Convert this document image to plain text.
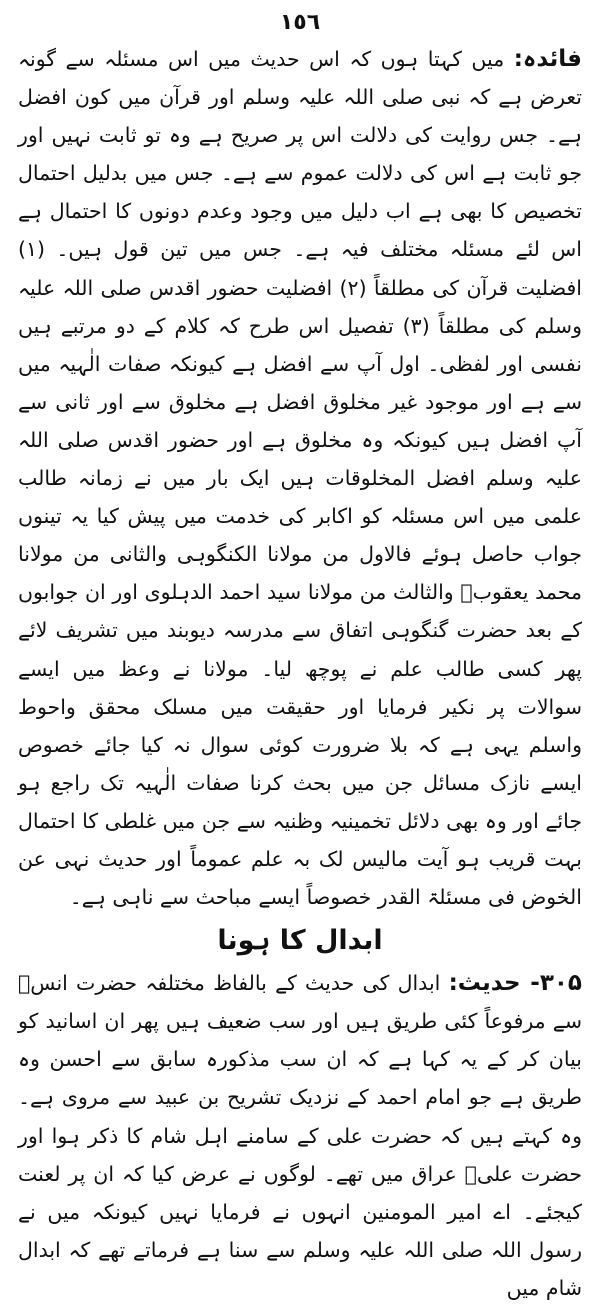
١٥٦

فائدہ: میں کہتا ہوں کہ اس حدیث میں اس مسئلہ سے گونہ تعرض ہے کہ نبی صلی اللہ علیہ وسلم اور قرآن میں کون افضل ہے۔ جس روایت کی دلالت اس پر صریح ہے وہ تو ثابت نہیں اور جو ثابت ہے اس کی دلالت عموم سے ہے۔ جس میں بدلیل احتمال تخصیص کا بھی ہے اب دلیل میں وجود وعدم دونوں کا احتمال ہے اس لئے مسئلہ مختلف فیہ ہے۔ جس میں تین قول ہیں۔ (۱) افضلیت قرآن کی مطلقاً (۲) افضلیت حضور اقدس صلی اللہ علیہ وسلم کی مطلقاً (۳) تفصیل اس طرح کہ کلام کے دو مرتبے ہیں نفسی اور لفظی۔ اول آپ سے افضل ہے کیونکہ صفات الٰہیہ میں سے ہے اور موجود غیر مخلوق افضل ہے مخلوق سے اور ثانی سے آپ افضل ہیں کیونکہ وہ مخلوق ہے اور حضور اقدس صلی اللہ علیہ وسلم افضل المخلوقات ہیں ایک بار میں نے زمانہ طالب علمی میں اس مسئلہ کو اکابر کی خدمت میں پیش کیا یہ تینوں جواب حاصل ہوئے فالاول من مولانا الکنگوہی والثانی من مولانا محمد یعقوبؒ والثالث من مولانا سید احمد الدہلوی اور ان جوابوں کے بعد حضرت گنگوہی اتفاق سے مدرسہ دیوبند میں تشریف لائے پھر کسی طالب علم نے پوچھ لیا۔ مولانا نے وعظ میں ایسے سوالات پر نکیر فرمایا اور حقیقت میں مسلک محقق واحوط واسلم یہی ہے کہ بلا ضرورت کوئی سوال نہ کیا جائے خصوص ایسے نازک مسائل جن میں بحث کرنا صفات الٰہیہ تک راجع ہو جائے اور وہ بھی دلائل تخمینیہ وظنیہ سے جن میں غلطی کا احتمال بہت قریب ہو آیت مالیس لک بہ علم عموماً اور حدیث نہی عن الخوض فی مسئلۃ القدر خصوصاً ایسے مباحث سے ناہی ہے۔

ابدال کا ہونا

۳۰۵- حدیث: ابدال کی حدیث کے بالفاظ مختلفہ حضرت انسؓ سے مرفوعاً کئی طریق ہیں اور سب ضعیف ہیں پھر ان اسانید کو بیان کر کے یہ کہا ہے کہ ان سب مذکورہ سابق سے احسن وہ طریق ہے جو امام احمد کے نزدیک تشریح بن عبید سے مروی ہے۔ وہ کہتے ہیں کہ حضرت علی کے سامنے اہل شام کا ذکر ہوا اور حضرت علیؓ عراق میں تھے۔ لوگوں نے عرض کیا کہ ان پر لعنت کیجئے۔ اے امیر المومنین انہوں نے فرمایا نہیں کیونکہ میں نے رسول اللہ صلی اللہ علیہ وسلم سے سنا ہے فرماتے تھے کہ ابدال شام میں
